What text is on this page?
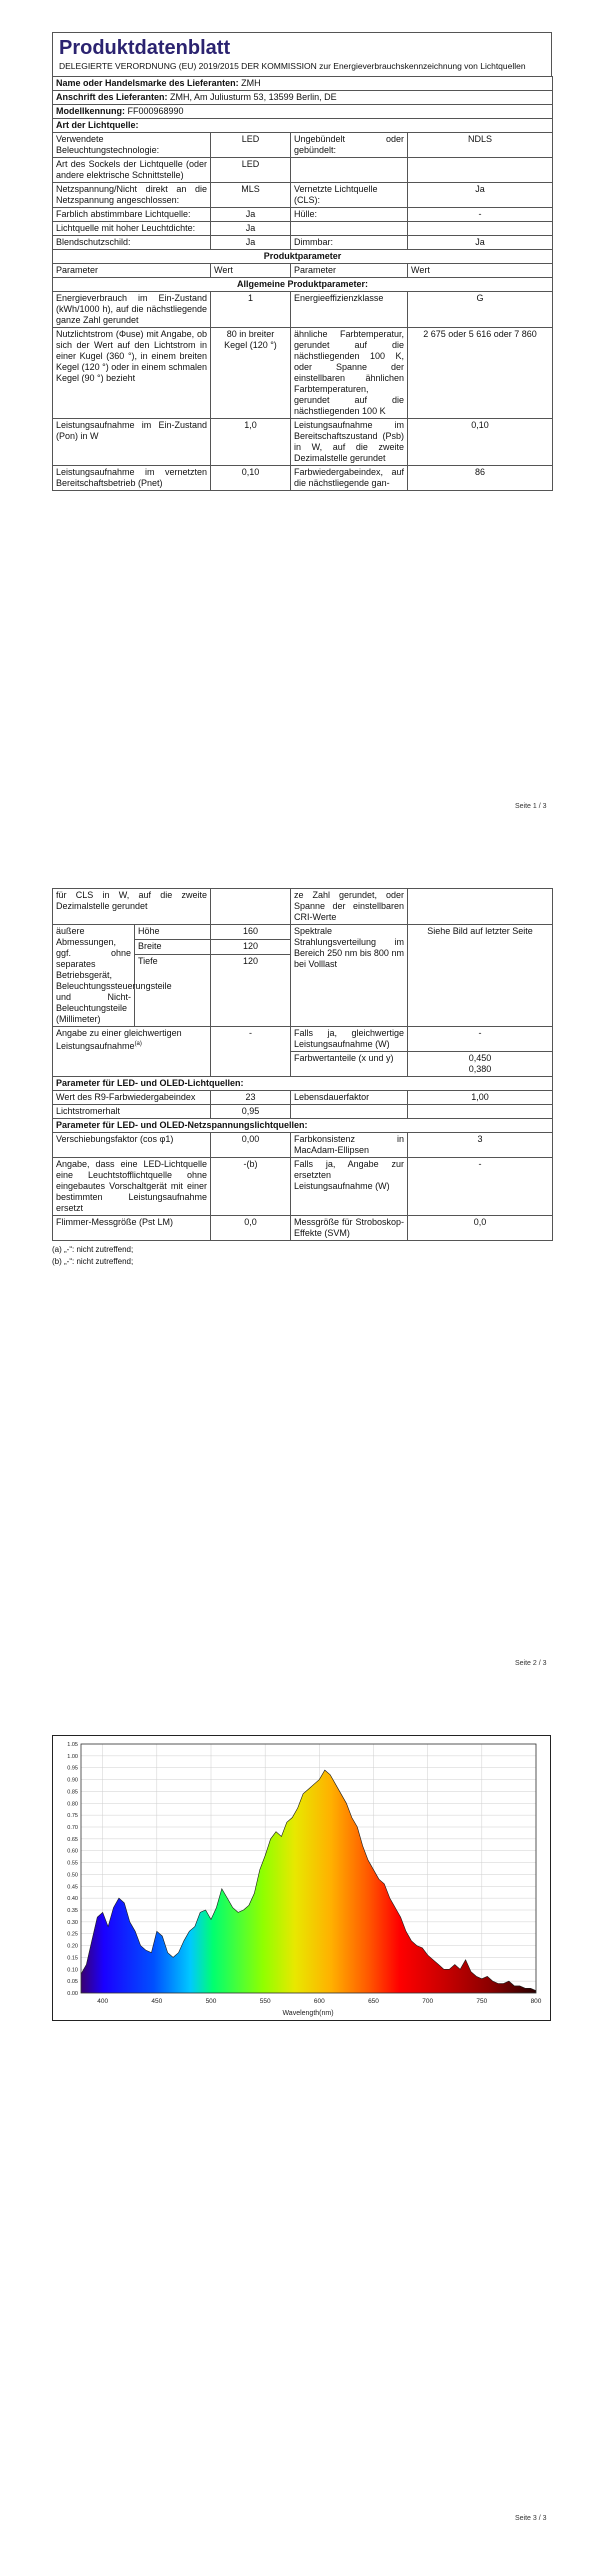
Produktdatenblatt
DELEGIERTE VERORDNUNG (EU) 2019/2015 DER KOMMISSION zur Energieverbrauchskennzeichnung von Lichtquellen
Name oder Handelsmarke des Lieferanten: ZMH			
Anschrift des Lieferanten: ZMH, Am Juliusturm 53, 13599 Berlin, DE			
Modellkennung: FF000968990			
Art der Lichtquelle:			
Verwendete Beleuchtungstechnologie:	LED	Ungebündelt oder gebündelt:	NDLS
Art des Sockels der Lichtquelle (oder andere elektrische Schnittstelle)	LED		
Netzspannung/Nicht direkt an die Netzspannung angeschlossen:	MLS	Vernetzte Lichtquelle (CLS):	Ja
Farblich abstimmbare Lichtquelle:	Ja	Hülle:	-
Lichtquelle mit hoher Leuchtdichte:	Ja		
Blendschutzschild:	Ja	Dimmbar:	Ja
Produktparameter			
Parameter	Wert	Parameter	Wert
Allgemeine Produktparameter:			
Energieverbrauch im Ein-Zustand (kWh/1000 h), auf die nächstliegende ganze Zahl gerundet	1	Energieeffizienzklasse	G
Nutzlichtstrom (Φuse) mit Angabe, ob sich der Wert auf den Lichtstrom in einer Kugel (360 °), in einem breiten Kegel (120 °) oder in einem schmalen Kegel (90 °) bezieht	80 in breiter Kegel (120 °)	ähnliche Farbtemperatur, gerundet auf die nächstliegenden 100 K, oder Spanne der einstellbaren ähnlichen Farbtemperaturen, gerundet auf die nächstliegenden 100 K	2 675 oder 5 616 oder 7 860
Leistungsaufnahme im Ein-Zustand (Pon) in W	1,0	Leistungsaufnahme im Bereitschaftszustand (Psb) in W, auf die zweite Dezimalstelle gerundet	0,10
Leistungsaufnahme im vernetzten Bereitschaftsbetrieb (Pnet)	0,10	Farbwiedergabeindex, auf die nächstliegende gan-	86
Seite 1 / 3
für CLS in W, auf die zweite Dezimalstelle gerundet			ze Zahl gerundet, oder Spanne der einstellbaren CRI-Werte	
äußere Abmessungen, ggf. ohne separates Betriebsgerät, Beleuchtungssteuerungsteile und Nicht-Beleuchtungsteile (Millimeter)	Höhe	160	Spektrale Strahlungsverteilung im Bereich 250 nm bis 800 nm bei Volllast	Siehe Bild auf letzter Seite
	Breite	120		
	Tiefe	120		
Angabe zu einer gleichwertigen Leistungsaufnahme$^{(a)}$		-	Falls ja, gleichwertige Leistungsaufnahme (W)	-
			Farbwertanteile (x und y)	0,450
0,380

Parameter für LED- und OLED-Lichtquellen:				
Wert des R9-Farbwiedergabeindex		23	Lebensdauerfaktor	1,00
Lichtstromerhalt		0,95		
Parameter für LED- und OLED-Netzspannungslichtquellen:				
Verschiebungsfaktor (cos φ1)		0,00	Farbkonsistenz in MacAdam-Ellipsen	3
Angabe, dass eine LED-Lichtquelle eine Leuchtstofflichtquelle ohne eingebautes Vorschaltgerät mit einer bestimmten Leistungsaufnahme ersetzt		-(b)	Falls ja, Angabe zur ersetzten Leistungsaufnahme (W)	-
Flimmer-Messgröße (Pst LM)		0,0	Messgröße für Stroboskop-Effekte (SVM)	0,0
(a) „-“: nicht zutreffend;
(b) „-“: nicht zutreffend;
Seite 2 / 3
1.05
1.00
0.95
0.90
0.85
0.80
0.75
0.70
0.65
0.60
0.55
0.50
0.45
0.40
0.35
0.30
0.25
0.20
0.15
0.10
0.05
0.00
400	450	500	550	600	650	700	750	800
Wavelength(nm)
Seite 3 / 3
